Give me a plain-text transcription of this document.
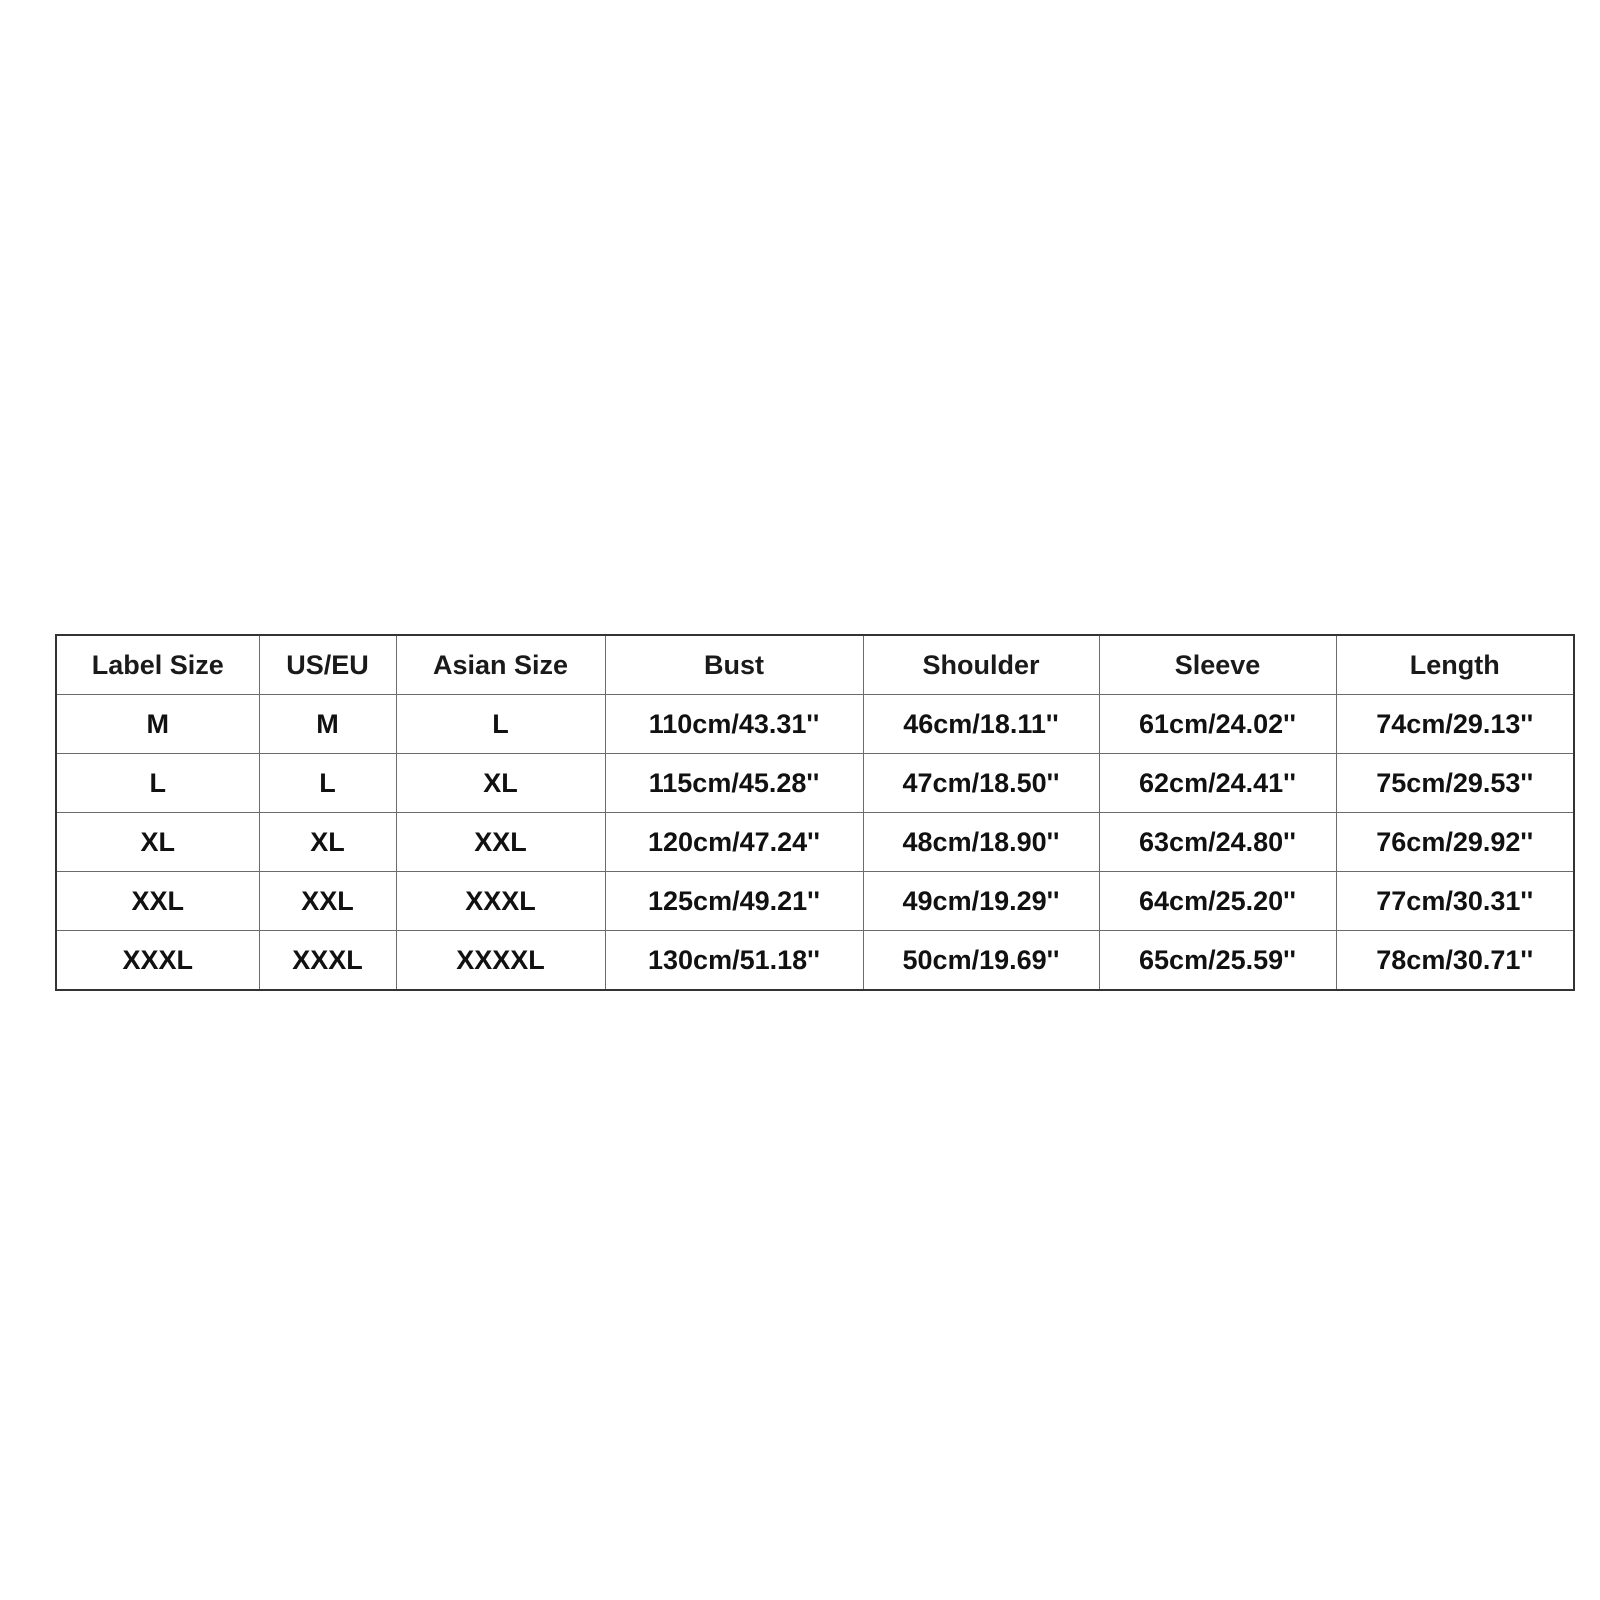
Label Size	US/EU	Asian Size	Bust	Shoulder	Sleeve	Length
M	M	L	110cm/43.31''	46cm/18.11''	61cm/24.02''	74cm/29.13''
L	L	XL	115cm/45.28''	47cm/18.50''	62cm/24.41''	75cm/29.53''
XL	XL	XXL	120cm/47.24''	48cm/18.90''	63cm/24.80''	76cm/29.92''
XXL	XXL	XXXL	125cm/49.21''	49cm/19.29''	64cm/25.20''	77cm/30.31''
XXXL	XXXL	XXXXL	130cm/51.18''	50cm/19.69''	65cm/25.59''	78cm/30.71''
